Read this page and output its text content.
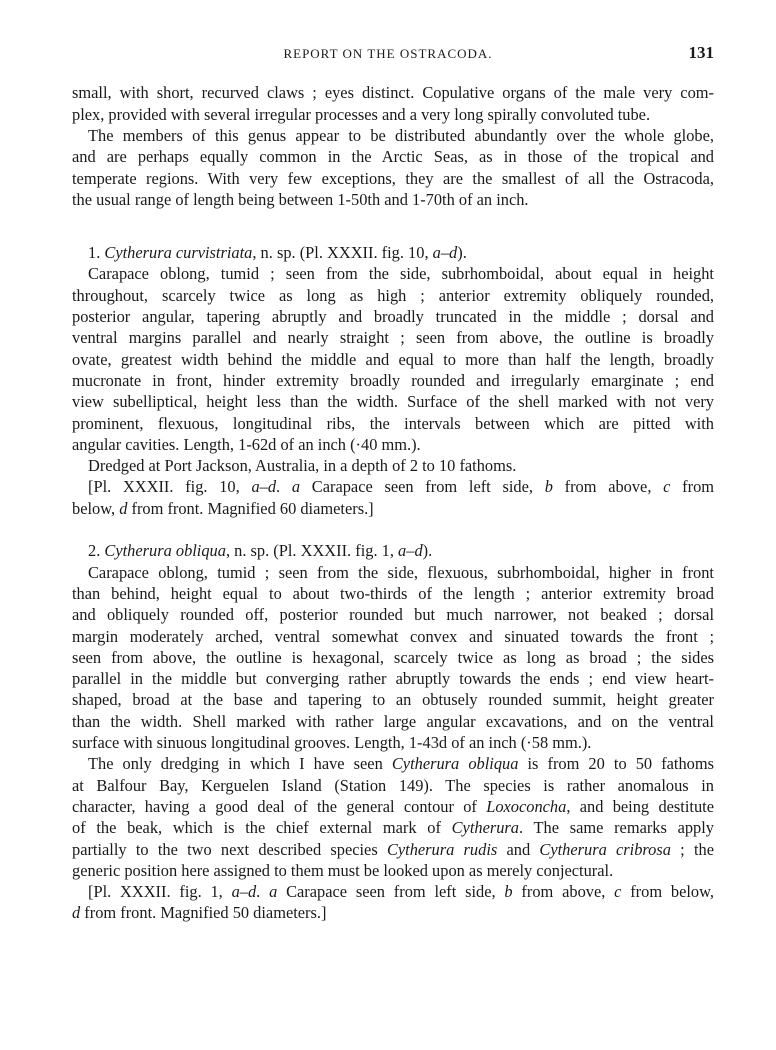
REPORT ON THE OSTRACODA.	131
small, with short, recurved claws ; eyes distinct. Copulative organs of the male very com-
plex, provided with several irregular processes and a very long spirally convoluted tube.
The members of this genus appear to be distributed abundantly over the whole globe,
and are perhaps equally common in the Arctic Seas, as in those of the tropical and
temperate regions. With very few exceptions, they are the smallest of all the Ostracoda,
the usual range of length being between 1-50th and 1-70th of an inch.
1. Cytherura curvistriata, n. sp. (Pl. XXXII. fig. 10, a–d).
Carapace oblong, tumid ; seen from the side, subrhomboidal, about equal in height
throughout, scarcely twice as long as high ; anterior extremity obliquely rounded,
posterior angular, tapering abruptly and broadly truncated in the middle ; dorsal and
ventral margins parallel and nearly straight ; seen from above, the outline is broadly
ovate, greatest width behind the middle and equal to more than half the length, broadly
mucronate in front, hinder extremity broadly rounded and irregularly emarginate ; end
view subelliptical, height less than the width. Surface of the shell marked with not very
prominent, flexuous, longitudinal ribs, the intervals between which are pitted with
angular cavities. Length, 1-62d of an inch (·40 mm.).
Dredged at Port Jackson, Australia, in a depth of 2 to 10 fathoms.
[Pl. XXXII. fig. 10, a–d. a Carapace seen from left side, b from above, c from
below, d from front. Magnified 60 diameters.]
2. Cytherura obliqua, n. sp. (Pl. XXXII. fig. 1, a–d).
Carapace oblong, tumid ; seen from the side, flexuous, subrhomboidal, higher in front
than behind, height equal to about two-thirds of the length ; anterior extremity broad
and obliquely rounded off, posterior rounded but much narrower, not beaked ; dorsal
margin moderately arched, ventral somewhat convex and sinuated towards the front ;
seen from above, the outline is hexagonal, scarcely twice as long as broad ; the sides
parallel in the middle but converging rather abruptly towards the ends ; end view heart-
shaped, broad at the base and tapering to an obtusely rounded summit, height greater
than the width. Shell marked with rather large angular excavations, and on the ventral
surface with sinuous longitudinal grooves. Length, 1-43d of an inch (·58 mm.).
The only dredging in which I have seen Cytherura obliqua is from 20 to 50 fathoms
at Balfour Bay, Kerguelen Island (Station 149). The species is rather anomalous in
character, having a good deal of the general contour of Loxoconcha, and being destitute
of the beak, which is the chief external mark of Cytherura. The same remarks apply
partially to the two next described species Cytherura rudis and Cytherura cribrosa ; the
generic position here assigned to them must be looked upon as merely conjectural.
[Pl. XXXII. fig. 1, a–d. a Carapace seen from left side, b from above, c from below,
d from front. Magnified 50 diameters.]
